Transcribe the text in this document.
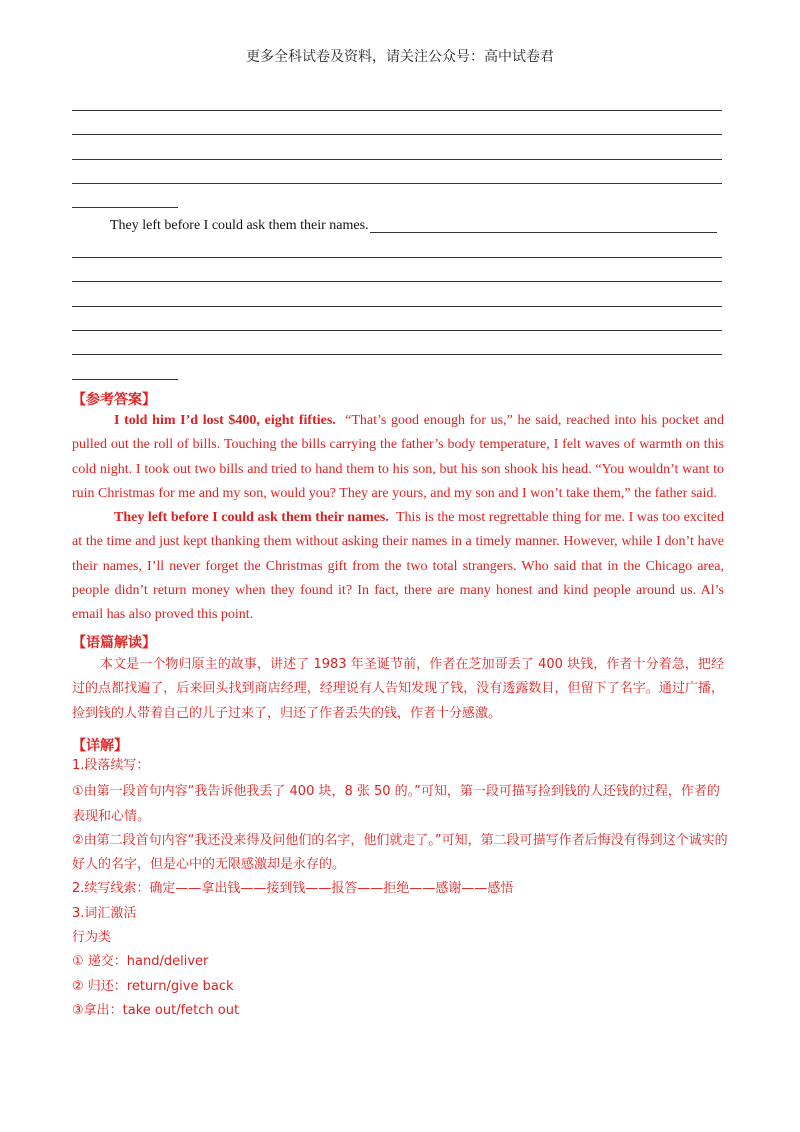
更多全科试卷及资料，请关注公众号：高中试卷君
They left before I could ask them their names.
【参考答案】

I told him I’d lost $400, eight fifties. “That’s good enough for us,” he said, reached into his pocket and pulled out the roll of bills. Touching the bills carrying the father’s body temperature, I felt waves of warmth on this cold night. I took out two bills and tried to hand them to his son, but his son shook his head. “You wouldn’t want to ruin Christmas for me and my son, would you? They are yours, and my son and I won’t take them,” the father said.

They left before I could ask them their names. This is the most regrettable thing for me. I was too excited at the time and just kept thanking them without asking their names in a timely manner. However, while I don’t have their names, I’ll never forget the Christmas gift from the two total strangers. Who said that in the Chicago area, people didn’t return money when they found it? In fact, there are many honest and kind people around us. Al’s email has also proved this point.

【语篇解读】

本文是一个物归原主的故事，讲述了 1983 年圣诞节前，作者在芝加哥丢了 400 块钱，作者十分着急，把经过的点都找遍了，后来回头找到商店经理，经理说有人告知发现了钱，没有透露数目，但留下了名字。通过广播，捡到钱的人带着自己的儿子过来了，归还了作者丢失的钱，作者十分感激。

【详解】
1.段落续写：
①由第一段首句内容“我告诉他我丢了 400 块，8 张 50 的。”可知，第一段可描写捡到钱的人还钱的过程，作者的表现和心情。
②由第二段首句内容“我还没来得及问他们的名字，他们就走了。”可知，第二段可描写作者后悔没有得到这个诚实的好人的名字，但是心中的无限感激却是永存的。
2.续写线索：确定——拿出钱——接到钱——报答——拒绝——感谢——感悟
3.词汇激活
行为类
① 递交：hand/deliver
② 归还：return/give back
③拿出：take out/fetch out
